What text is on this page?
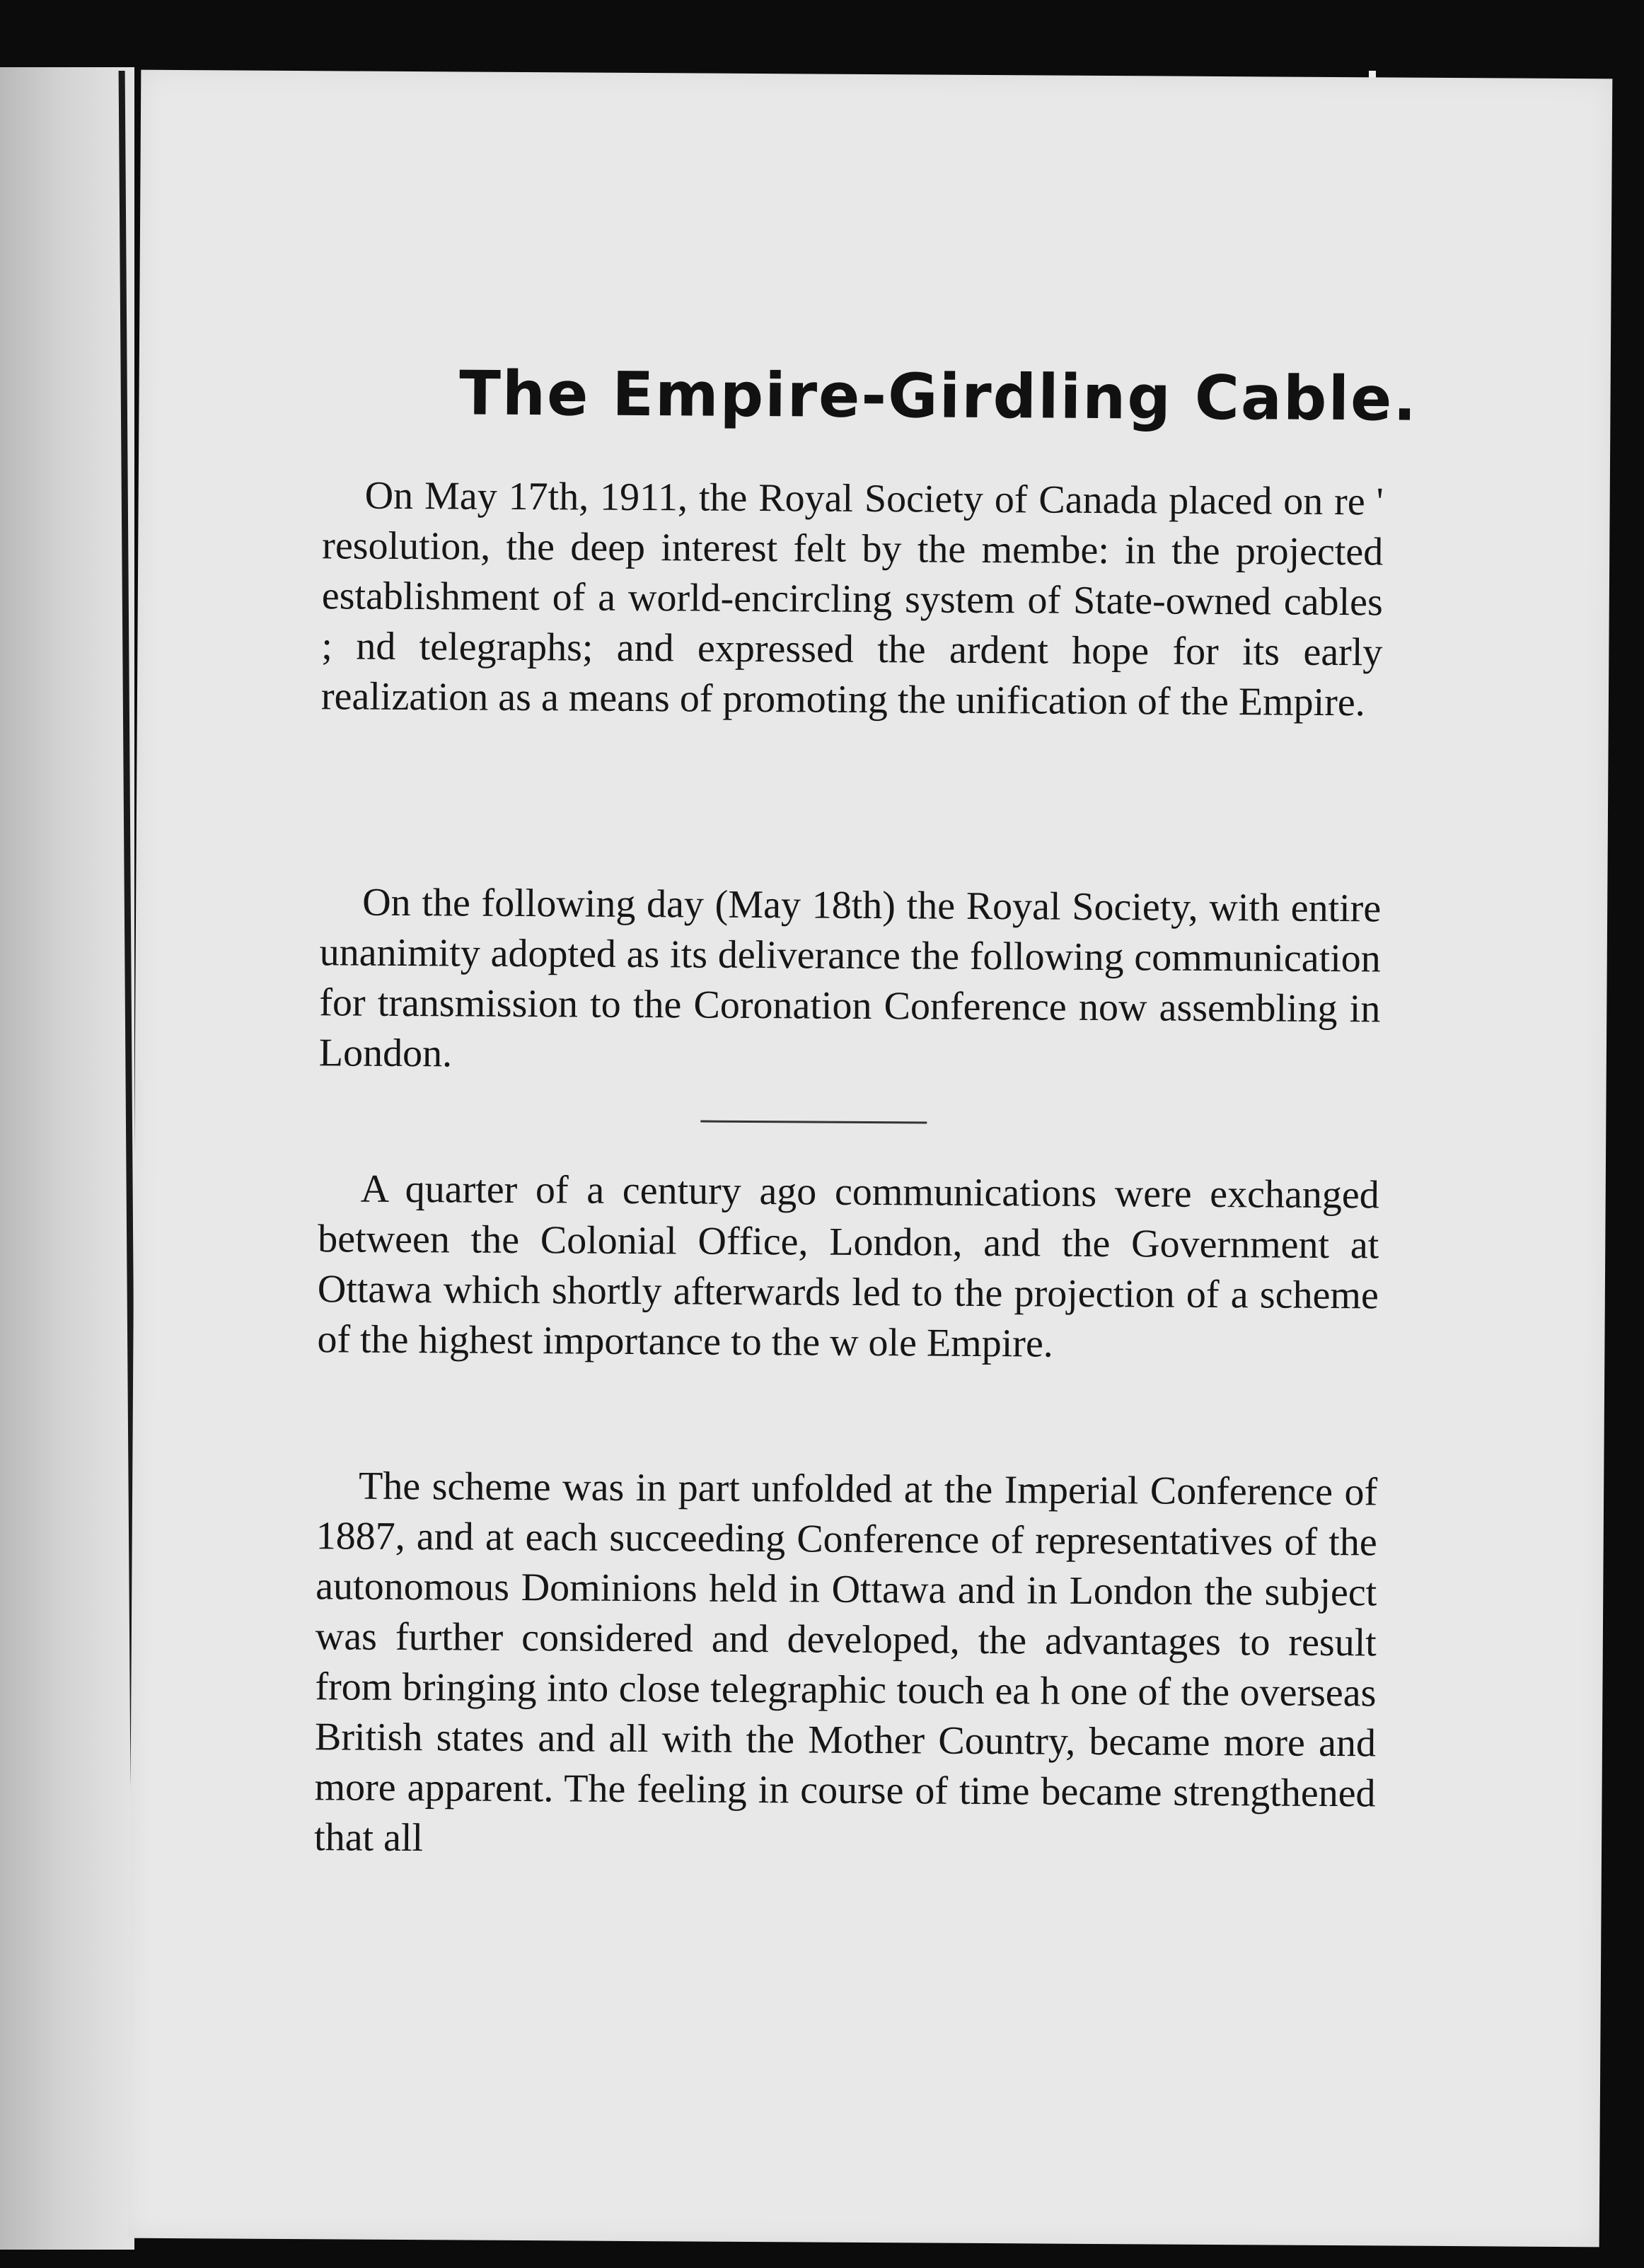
The Empire-Girdling Cable.

On May 17th, 1911, the Royal Society of Canada placed on re ' resolution, the deep interest felt by the membe: in the projected establishment of a world-encircling system of State-owned cables ; nd telegraphs; and expressed the ardent hope for its early realization as a means of promoting the unification of the Empire.

On the following day (May 18th) the Royal Society, with entire unanimity adopted as its deliverance the following communication for transmission to the Coronation Conference now assembling in London.

A quarter of a century ago communications were exchanged between the Colonial Office, London, and the Government at Ottawa which shortly afterwards led to the projection of a scheme of the highest importance to the w ole Empire.

The scheme was in part unfolded at the Imperial Conference of 1887, and at each succeeding Conference of representatives of the autonomous Dominions held in Ottawa and in London the subject was further considered and developed, the advantages to result from bringing into close telegraphic touch ea h one of the overseas British states and all with the Mother Country, became more and more apparent. The feeling in course of time became strengthened that all
